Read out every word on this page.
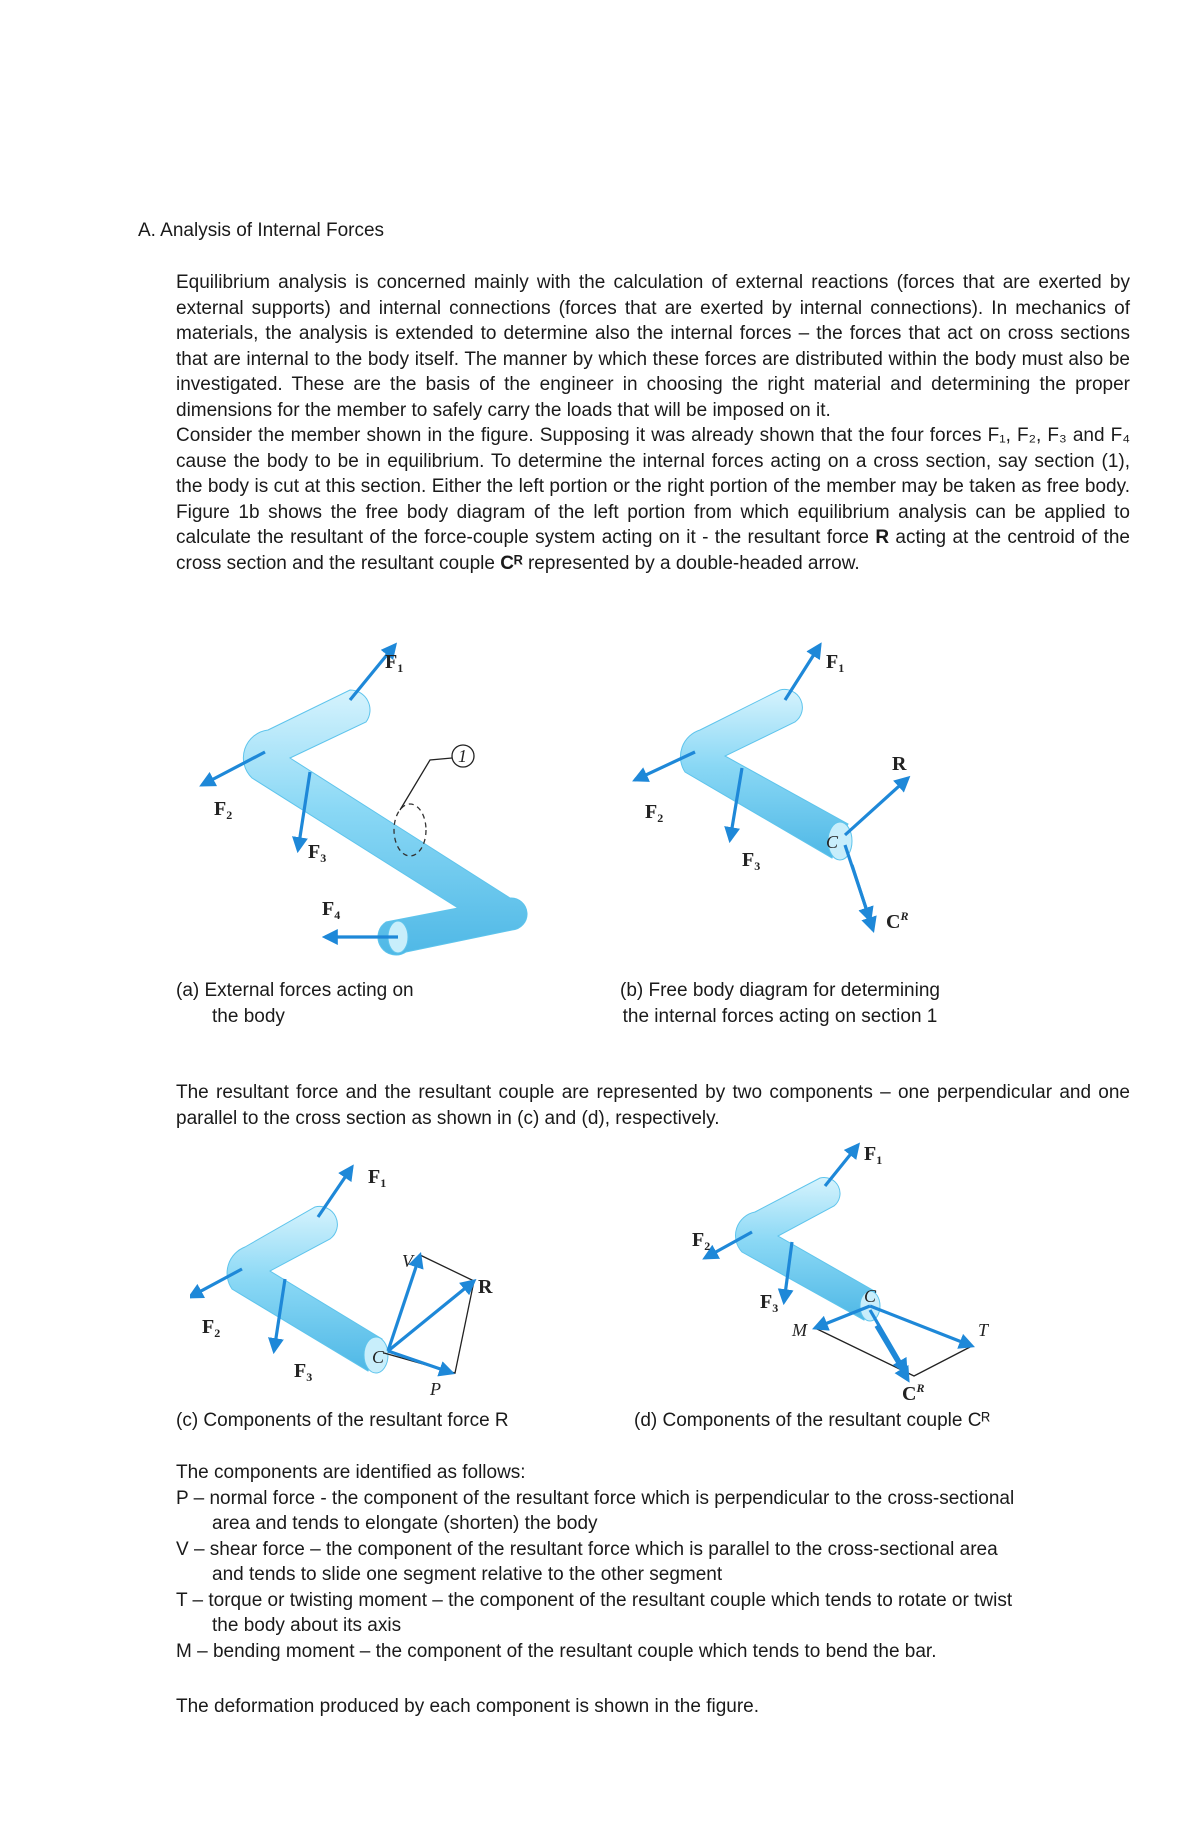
A. Analysis of Internal Forces

Equilibrium analysis is concerned mainly with the calculation of external reactions (forces that are exerted by external supports) and internal connections (forces that are exerted by internal connections). In mechanics of materials, the analysis is extended to determine also the internal forces – the forces that act on cross sections that are internal to the body itself. The manner by which these forces are distributed within the body must also be investigated. These are the basis of the engineer in choosing the right material and determining the proper dimensions for the member to safely carry the loads that will be imposed on it.

Consider the member shown in the figure. Supposing it was already shown that the four forces F₁, F₂, F₃ and F₄ cause the body to be in equilibrium. To determine the internal forces acting on a cross section, say section (1), the body is cut at this section. Either the left portion or the right portion of the member may be taken as free body. Figure 1b shows the free body diagram of the left portion from which equilibrium analysis can be applied to calculate the resultant of the force-couple system acting on it - the resultant force R acting at the centroid of the cross section and the resultant couple Cᴿ represented by a double-headed arrow.

1
$F_1$
$F_2$
$F_3$
$F_4$
C
$F_1$
$F_2$
$F_3$
R
$C^R$
(a) External forces acting on
the body
(b) Free body diagram for determining
the internal forces acting on section 1

The resultant force and the resultant couple are represented by two components – one perpendicular and one parallel to the cross section as shown in (c) and (d), respectively.

C
$F_1$
$F_2$
$F_3$
V
R
P
C
$F_1$
$F_2$
$F_3$
M	T
$C^R$
(c) Components of the resultant force R	(d) Components of the resultant couple Cᴿ
The components are identified as follows:
P – normal force - the component of the resultant force which is perpendicular to the cross-sectional
area and tends to elongate (shorten) the body
V – shear force – the component of the resultant force which is parallel to the cross-sectional area
and tends to slide one segment relative to the other segment
T – torque or twisting moment – the component of the resultant couple which tends to rotate or twist
the body about its axis
M – bending moment – the component of the resultant couple which tends to bend the bar.

The deformation produced by each component is shown in the figure.
